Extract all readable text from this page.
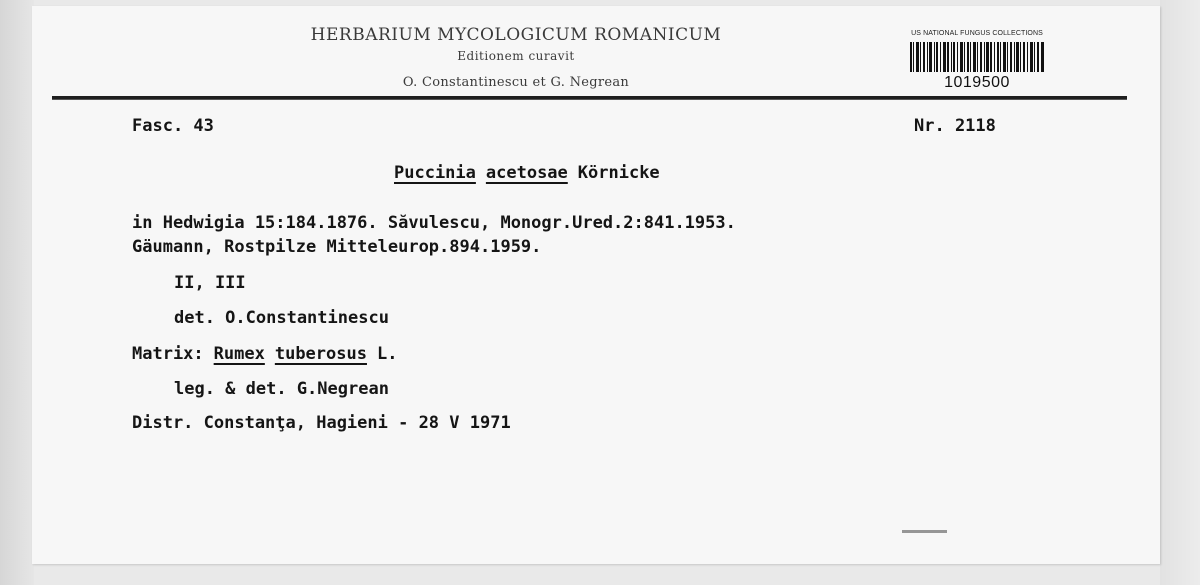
HERBARIUM MYCOLOGICUM ROMANICUM
Editionem curavit
O. Constantinescu et G. Negrean
US NATIONAL FUNGUS COLLECTIONS
1019500
Fasc. 43	Nr. 2118
Puccinia acetosae Körnicke
in Hedwigia 15:184.1876. Săvulescu, Monogr.Ured.2:841.1953.
Gäumann, Rostpilze Mitteleurop.894.1959.
II, III
det. O.Constantinescu
Matrix: Rumex tuberosus L.
leg. & det. G.Negrean
Distr. Constanţa, Hagieni - 28 V 1971
